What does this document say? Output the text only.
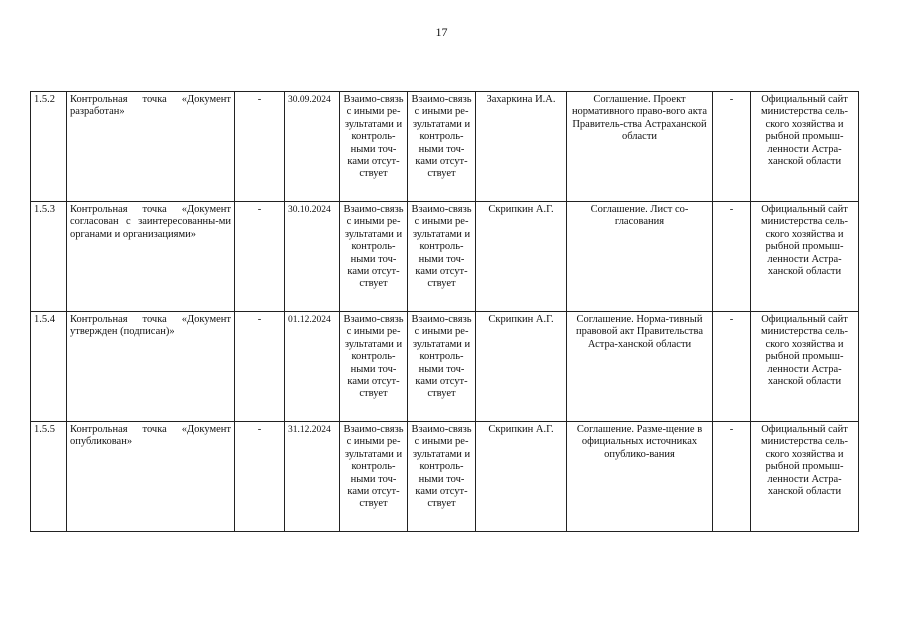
17
1.5.2	Контрольная точка «Документ разработан»	-	30.09.2024	Взаимо-связь с иными ре-зультатами и контроль-ными точ-ками отсут-ствует	Взаимо-связь с иными ре-зультатами и контроль-ными точ-ками отсут-ствует	Захаркина И.А.	Соглашение. Проект нормативного право-вого акта Правитель-ства Астраханской области	-	Официальный сайт министерства сель-ского хозяйства и рыбной промыш-ленности Астра-ханской области
1.5.3	Контрольная точка «Документ согласован с заинтересованны-ми органами и организациями»	-	30.10.2024	Взаимо-связь с иными ре-зультатами и контроль-ными точ-ками отсут-ствует	Взаимо-связь с иными ре-зультатами и контроль-ными точ-ками отсут-ствует	Скрипкин А.Г.	Соглашение. Лист со-гласования	-	Официальный сайт министерства сель-ского хозяйства и рыбной промыш-ленности Астра-ханской области
1.5.4	Контрольная точка «Документ утвержден (подписан)»	-	01.12.2024	Взаимо-связь с иными ре-зультатами и контроль-ными точ-ками отсут-ствует	Взаимо-связь с иными ре-зультатами и контроль-ными точ-ками отсут-ствует	Скрипкин А.Г.	Соглашение. Норма-тивный правовой акт Правительства Астра-ханской области	-	Официальный сайт министерства сель-ского хозяйства и рыбной промыш-ленности Астра-ханской области
1.5.5	Контрольная точка «Документ опубликован»	-	31.12.2024	Взаимо-связь с иными ре-зультатами и контроль-ными точ-ками отсут-ствует	Взаимо-связь с иными ре-зультатами и контроль-ными точ-ками отсут-ствует	Скрипкин А.Г.	Соглашение. Разме-щение в официальных источниках опублико-вания	-	Официальный сайт министерства сель-ского хозяйства и рыбной промыш-ленности Астра-ханской области
